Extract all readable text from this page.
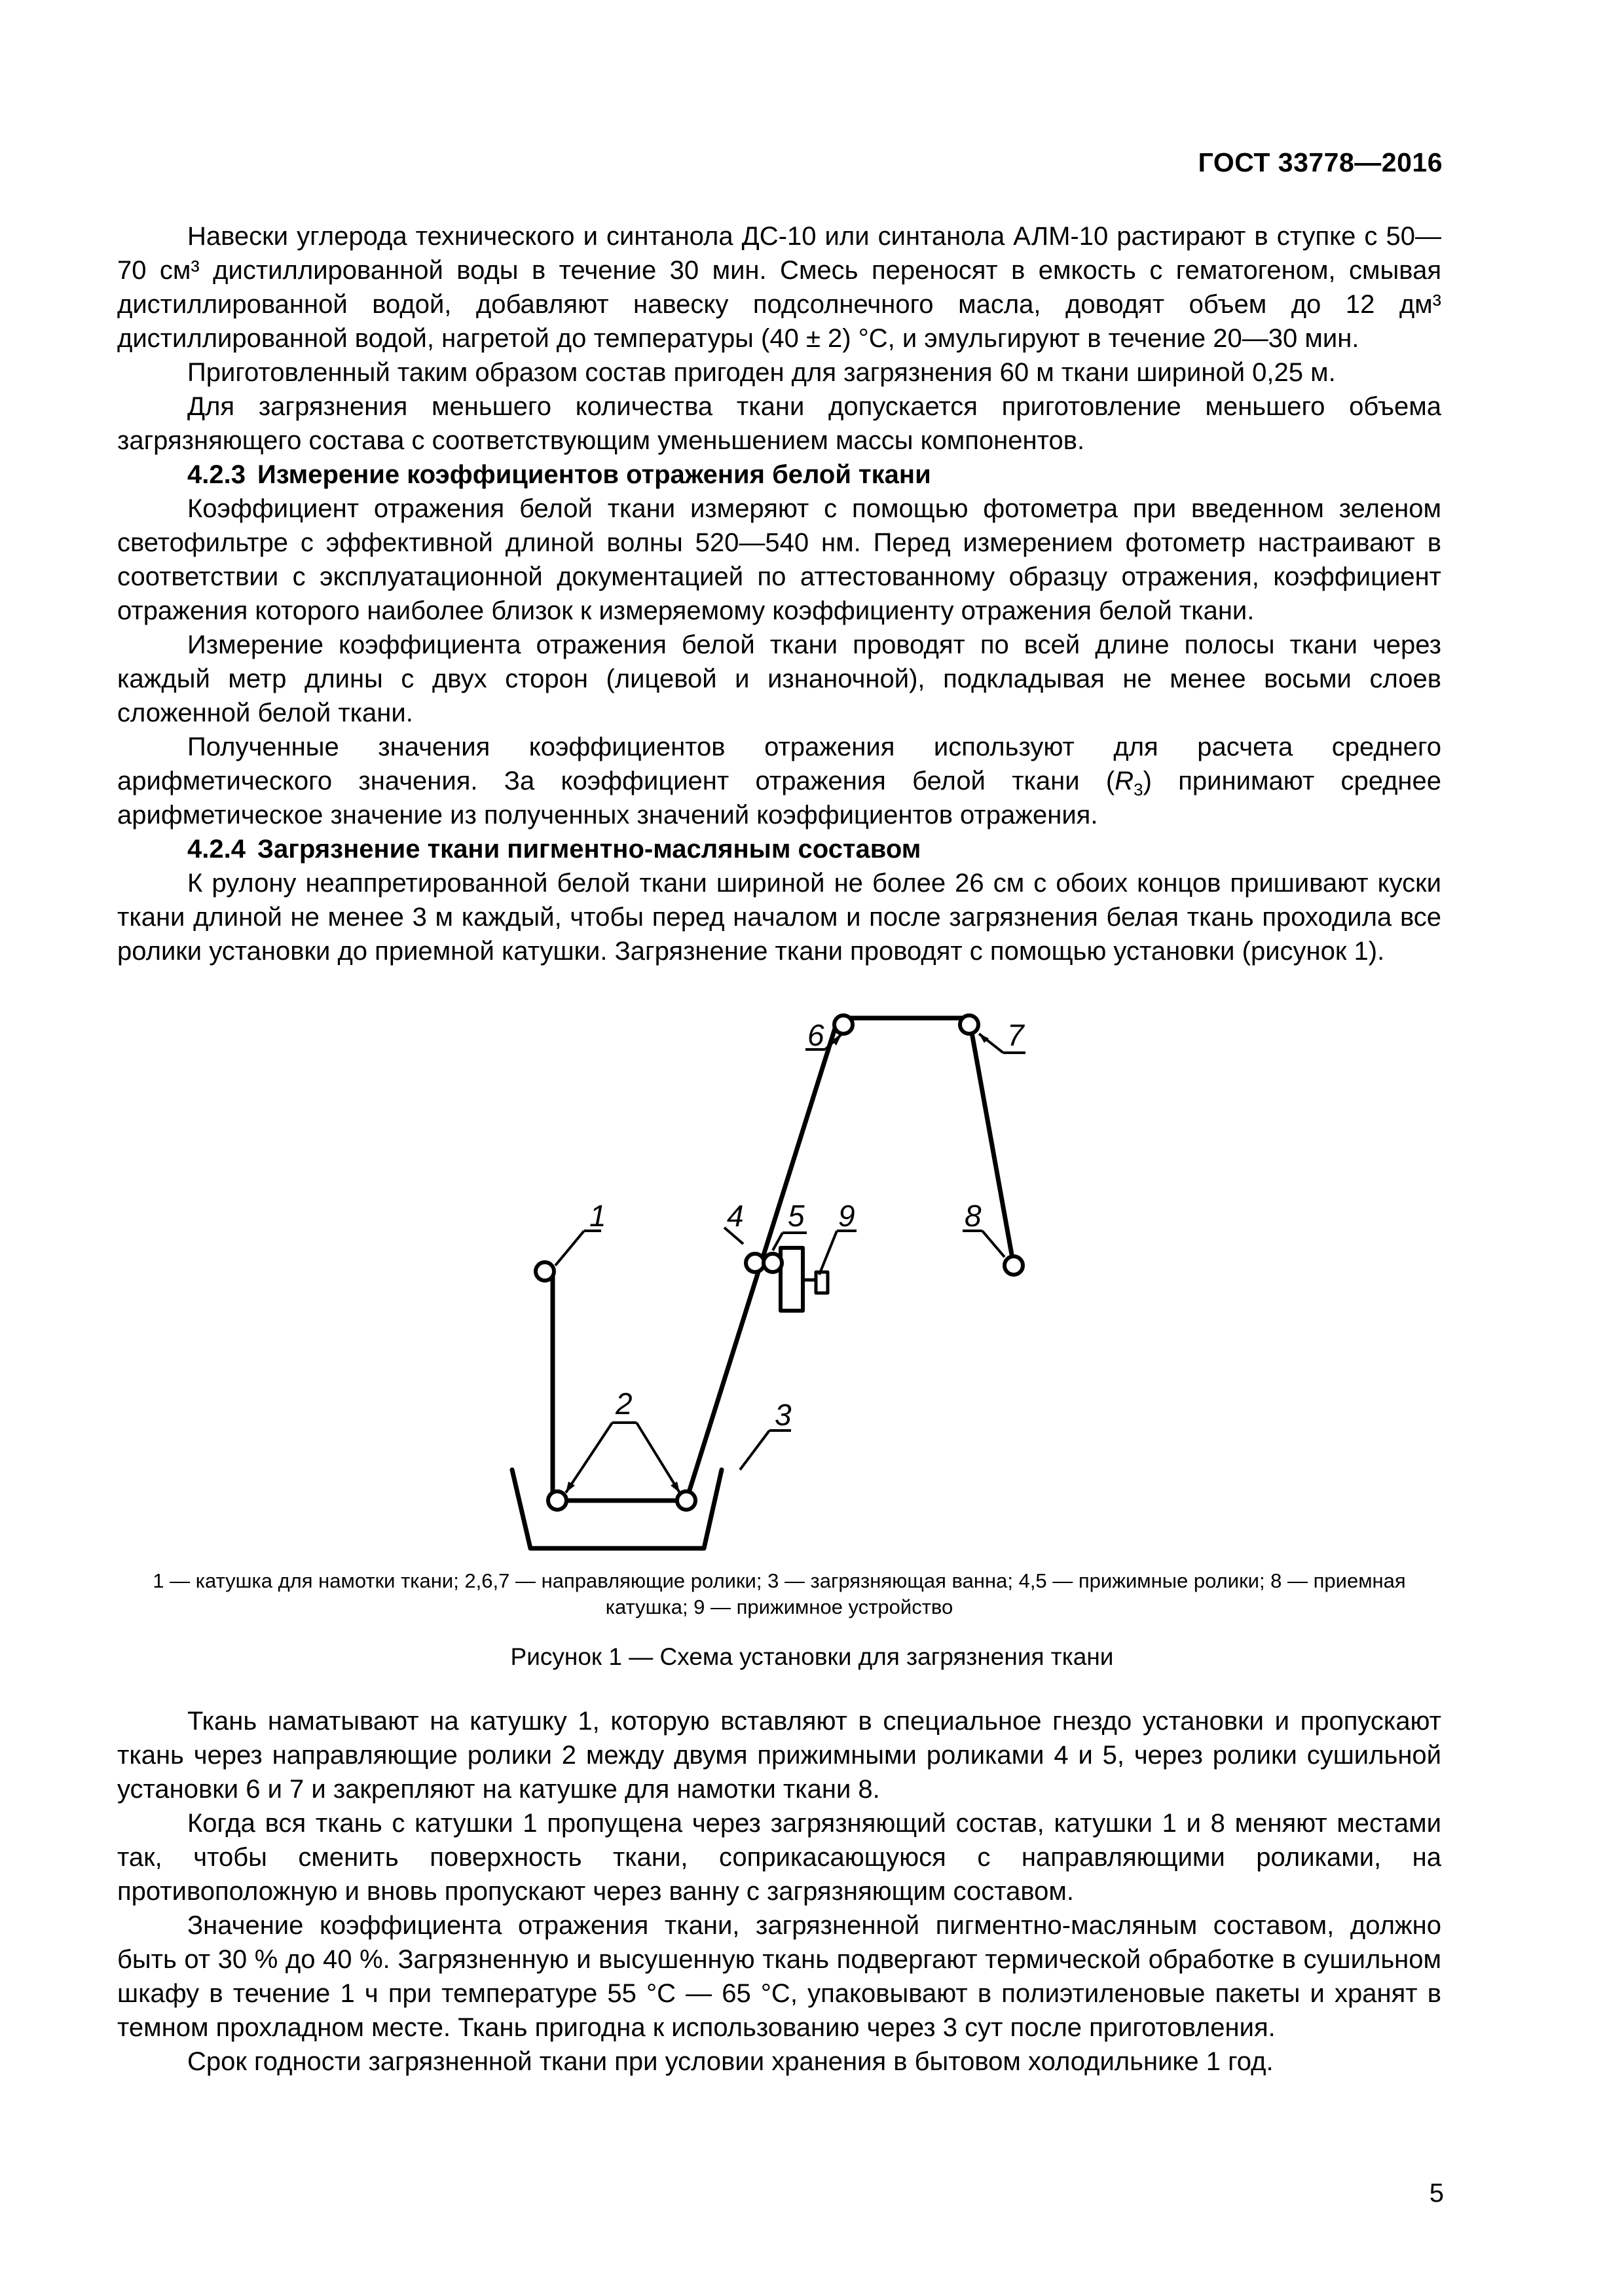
ГОСТ 33778—2016

Навески углерода технического и синтанола ДС-10 или синтанола АЛМ-10 растирают в ступке с 50—70 см³ дистиллированной воды в течение 30 мин. Смесь переносят в емкость с гематогеном, смывая дистиллированной водой, добавляют навеску подсолнечного масла, доводят объем до 12 дм³ дистиллированной водой, нагретой до температуры (40 ± 2) °С, и эмульгируют в течение 20—30 мин.

Приготовленный таким образом состав пригоден для загрязнения 60 м ткани шириной 0,25 м.

Для загрязнения меньшего количества ткани допускается приготовление меньшего объема загрязняющего состава с соответствующим уменьшением массы компонентов.

4.2.3 Измерение коэффициентов отражения белой ткани

Коэффициент отражения белой ткани измеряют с помощью фотометра при введенном зеленом светофильтре с эффективной длиной волны 520—540 нм. Перед измерением фотометр настраивают в соответствии с эксплуатационной документацией по аттестованному образцу отражения, коэффициент отражения которого наиболее близок к измеряемому коэффициенту отражения белой ткани.

Измерение коэффициента отражения белой ткани проводят по всей длине полосы ткани через каждый метр длины с двух сторон (лицевой и изнаночной), подкладывая не менее восьми слоев сложенной белой ткани.

Полученные значения коэффициентов отражения используют для расчета среднего арифметического значения. За коэффициент отражения белой ткани $(R_3)$ принимают среднее арифметическое значение из полученных значений коэффициентов отражения.

4.2.4 Загрязнение ткани пигментно-масляным составом

К рулону неаппретированной белой ткани шириной не более 26 см с обоих концов пришивают куски ткани длиной не менее 3 м каждый, чтобы перед началом и после загрязнения белая ткань проходила все ролики установки до приемной катушки. Загрязнение ткани проводят с помощью установки (рисунок 1).

1
2	3
4 5
6	7
8
9
1 — катушка для намотки ткани; 2,6,7 — направляющие ролики; 3 — загрязняющая ванна; 4,5 — прижимные ролики; 8 — приемная катушка; 9 — прижимное устройство
Рисунок 1 — Схема установки для загрязнения ткани

Ткань наматывают на катушку 1, которую вставляют в специальное гнездо установки и пропускают ткань через направляющие ролики 2 между двумя прижимными роликами 4 и 5, через ролики сушильной установки 6 и 7 и закрепляют на катушке для намотки ткани 8.

Когда вся ткань с катушки 1 пропущена через загрязняющий состав, катушки 1 и 8 меняют местами так, чтобы сменить поверхность ткани, соприкасающуюся с направляющими роликами, на противоположную и вновь пропускают через ванну с загрязняющим составом.

Значение коэффициента отражения ткани, загрязненной пигментно-масляным составом, должно быть от 30 % до 40 %. Загрязненную и высушенную ткань подвергают термической обработке в сушильном шкафу в течение 1 ч при температуре 55 °С — 65 °С, упаковывают в полиэтиленовые пакеты и хранят в темном прохладном месте. Ткань пригодна к использованию через 3 сут после приготовления.

Срок годности загрязненной ткани при условии хранения в бытовом холодильнике 1 год.

5
